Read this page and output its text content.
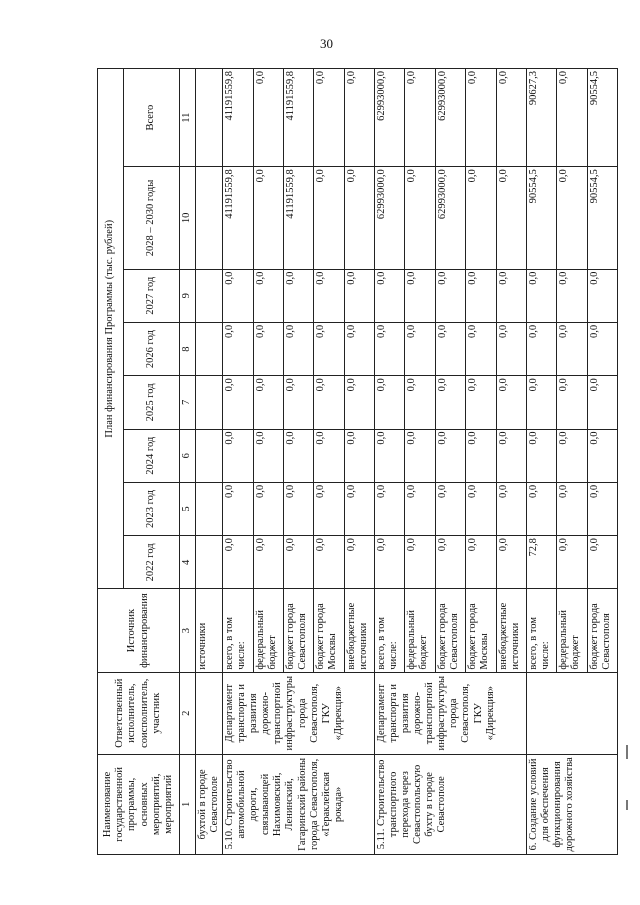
30
Наименование государственной программы, основных мероприятий, мероприятий	Ответственный исполнитель, соисполнитель, участник	Источник финансирования	План финансирования Программы (тыс. рублей)							
			2022 год	2023 год	2024 год	2025 год	2026 год	2027 год	2028 – 2030 годы	Всего
1	2	3	4	5	6	7	8	9	10	11
бухтой в городе Севастополе		источники								
5.10. Строительство автомобильной дороги, связывающей Нахимовский, Ленинский, Гагаринский районы города Севастополя, «Гераклейская рокада»	Департамент транспорта и развития дорожно-транспортной инфраструктуры города Севастополя, ГКУ «Дирекция»	всего, в том числе:	0,0	0,0	0,0	0,0	0,0	0,0	41191559,8	41191559,8
		федеральный бюджет	0,0	0,0	0,0	0,0	0,0	0,0	0,0	0,0
		бюджет города Севастополя	0,0	0,0	0,0	0,0	0,0	0,0	41191559,8	41191559,8
		бюджет города Москвы	0,0	0,0	0,0	0,0	0,0	0,0	0,0	0,0
		внебюджетные источники	0,0	0,0	0,0	0,0	0,0	0,0	0,0	0,0
5.11. Строительство транспортного перехода через Севастопольскую бухту в городе Севастополе	Департамент транспорта и развития дорожно-транспортной инфраструктуры города Севастополя, ГКУ «Дирекция»	всего, в том числе:	0,0	0,0	0,0	0,0	0,0	0,0	62993000,0	62993000,0
		федеральный бюджет	0,0	0,0	0,0	0,0	0,0	0,0	0,0	0,0
		бюджет города Севастополя	0,0	0,0	0,0	0,0	0,0	0,0	62993000,0	62993000,0
		бюджет города Москвы	0,0	0,0	0,0	0,0	0,0	0,0	0,0	0,0
		внебюджетные источники	0,0	0,0	0,0	0,0	0,0	0,0	0,0	0,0
6. Создание условий для обеспечения функционирования дорожного хозяйства		всего, в том числе:	72,8	0,0	0,0	0,0	0,0	0,0	90554,5	90627,3
		федеральный бюджет	0,0	0,0	0,0	0,0	0,0	0,0	0,0	0,0
		бюджет города Севастополя	0,0	0,0	0,0	0,0	0,0	0,0	90554,5	90554,5
